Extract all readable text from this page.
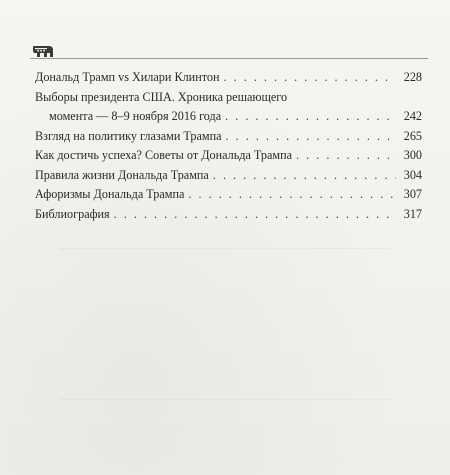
Дональд Трамп vs Хилари Клинтон . . .	228
Выборы президента США. Хроника решающего
момента — 8–9 ноября 2016 года . . .	242
Взгляд на политику глазами Трампа . . .	265
Как достичь успеха? Советы от Дональда Трампа . . .	300
Правила жизни Дональда Трампа . . .	304
Афоризмы Дональда Трампа . . .	307
Библиография . . .	317
